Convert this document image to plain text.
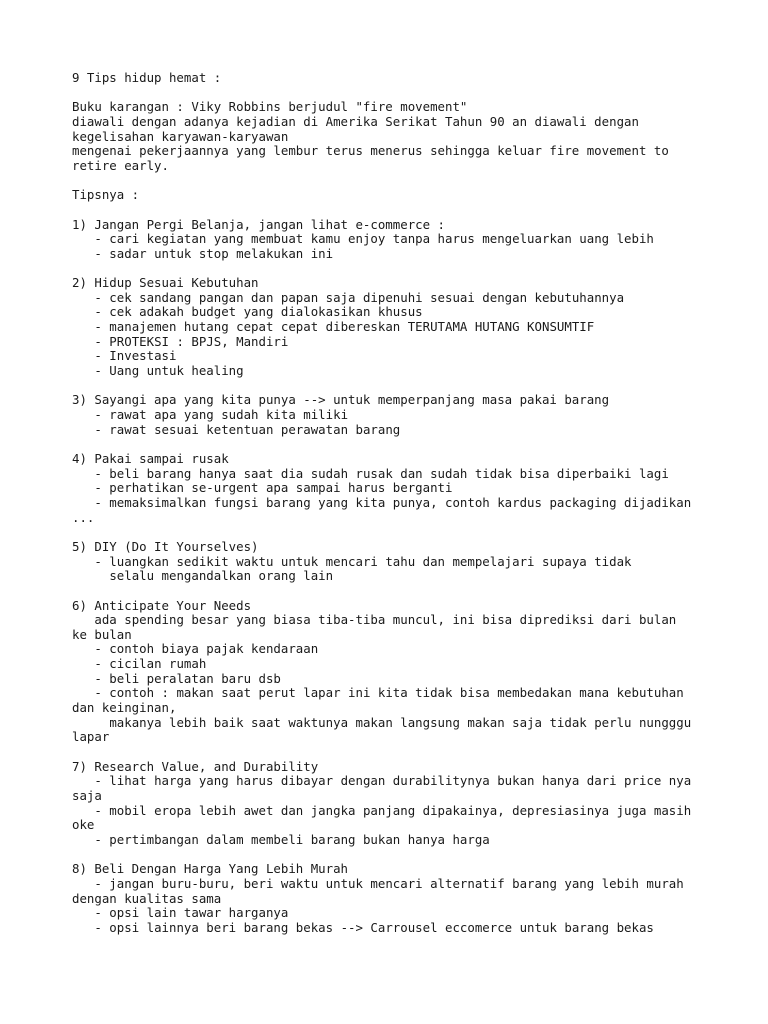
9 Tips hidup hemat :
Buku karangan : Viky Robbins berjudul "fire movement"
diawali dengan adanya kejadian di Amerika Serikat Tahun 90 an diawali dengan
kegelisahan karyawan-karyawan
mengenai pekerjaannya yang lembur terus menerus sehingga keluar fire movement to
retire early.
Tipsnya :
1) Jangan Pergi Belanja, jangan lihat e-commerce :
- cari kegiatan yang membuat kamu enjoy tanpa harus mengeluarkan uang lebih
- sadar untuk stop melakukan ini
2) Hidup Sesuai Kebutuhan
- cek sandang pangan dan papan saja dipenuhi sesuai dengan kebutuhannya
- cek adakah budget yang dialokasikan khusus
- manajemen hutang cepat cepat dibereskan TERUTAMA HUTANG KONSUMTIF
- PROTEKSI : BPJS, Mandiri
- Investasi
- Uang untuk healing
3) Sayangi apa yang kita punya --> untuk memperpanjang masa pakai barang
- rawat apa yang sudah kita miliki
- rawat sesuai ketentuan perawatan barang
4) Pakai sampai rusak
- beli barang hanya saat dia sudah rusak dan sudah tidak bisa diperbaiki lagi
- perhatikan se-urgent apa sampai harus berganti
- memaksimalkan fungsi barang yang kita punya, contoh kardus packaging dijadikan
...
5) DIY (Do It Yourselves)
- luangkan sedikit waktu untuk mencari tahu dan mempelajari supaya tidak
selalu mengandalkan orang lain
6) Anticipate Your Needs
ada spending besar yang biasa tiba-tiba muncul, ini bisa diprediksi dari bulan
ke bulan
- contoh biaya pajak kendaraan
- cicilan rumah
- beli peralatan baru dsb
- contoh : makan saat perut lapar ini kita tidak bisa membedakan mana kebutuhan
dan keinginan,
makanya lebih baik saat waktunya makan langsung makan saja tidak perlu nungggu
lapar
7) Research Value, and Durability
- lihat harga yang harus dibayar dengan durabilitynya bukan hanya dari price nya
saja
- mobil eropa lebih awet dan jangka panjang dipakainya, depresiasinya juga masih
oke
- pertimbangan dalam membeli barang bukan hanya harga
8) Beli Dengan Harga Yang Lebih Murah
- jangan buru-buru, beri waktu untuk mencari alternatif barang yang lebih murah
dengan kualitas sama
- opsi lain tawar harganya
- opsi lainnya beri barang bekas --> Carrousel eccomerce untuk barang bekas
